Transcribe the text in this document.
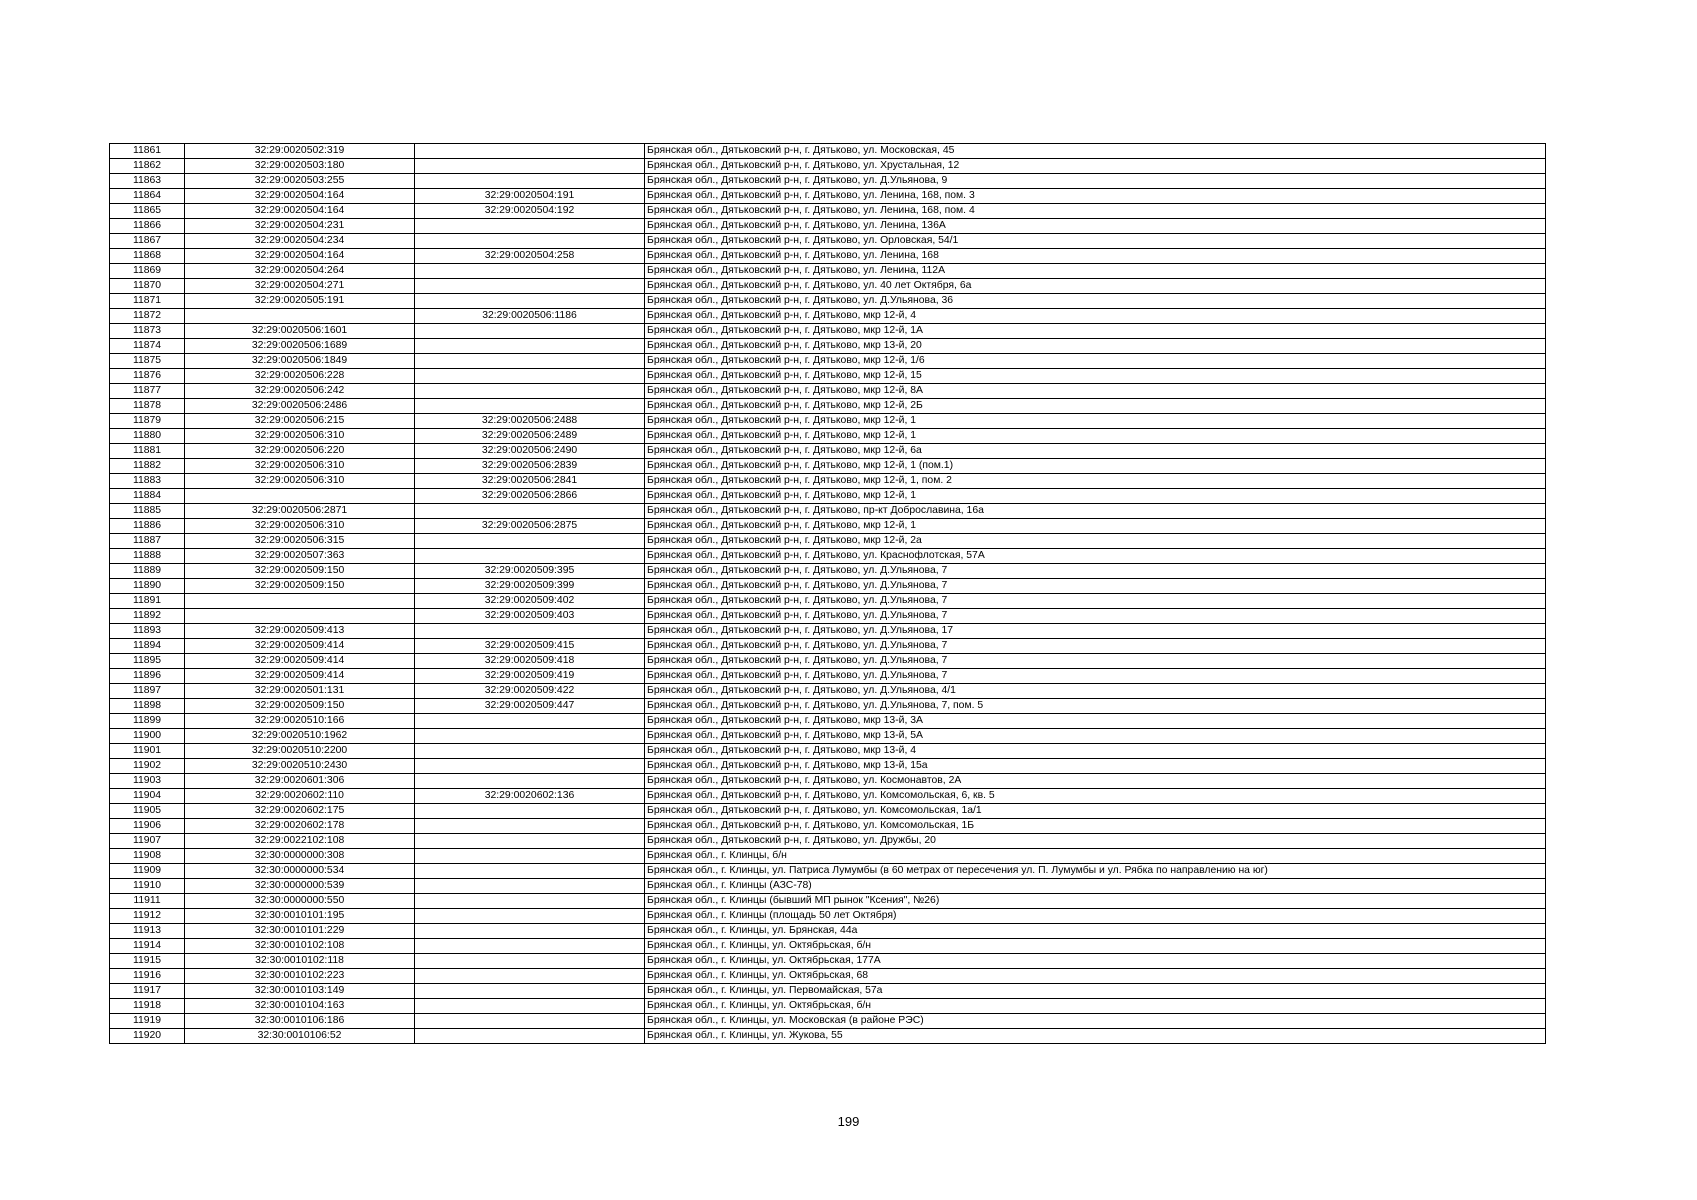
11861	32:29:0020502:319		Брянская обл., Дятьковский р-н, г. Дятьково, ул. Московская, 45
11862	32:29:0020503:180		Брянская обл., Дятьковский р-н, г. Дятьково, ул. Хрустальная, 12
11863	32:29:0020503:255		Брянская обл., Дятьковский р-н, г. Дятьково, ул. Д.Ульянова, 9
11864	32:29:0020504:164	32:29:0020504:191	Брянская обл., Дятьковский р-н, г. Дятьково, ул. Ленина, 168, пом. 3
11865	32:29:0020504:164	32:29:0020504:192	Брянская обл., Дятьковский р-н, г. Дятьково, ул. Ленина, 168, пом. 4
11866	32:29:0020504:231		Брянская обл., Дятьковский р-н, г. Дятьково, ул. Ленина, 136А
11867	32:29:0020504:234		Брянская обл., Дятьковский р-н, г. Дятьково, ул. Орловская, 54/1
11868	32:29:0020504:164	32:29:0020504:258	Брянская обл., Дятьковский р-н, г. Дятьково, ул. Ленина, 168
11869	32:29:0020504:264		Брянская обл., Дятьковский р-н, г. Дятьково, ул. Ленина, 112А
11870	32:29:0020504:271		Брянская обл., Дятьковский р-н, г. Дятьково, ул. 40 лет Октября, 6а
11871	32:29:0020505:191		Брянская обл., Дятьковский р-н, г. Дятьково, ул. Д.Ульянова, 36
11872		32:29:0020506:1186	Брянская обл., Дятьковский р-н, г. Дятьково, мкр 12-й, 4
11873	32:29:0020506:1601		Брянская обл., Дятьковский р-н, г. Дятьково, мкр 12-й, 1А
11874	32:29:0020506:1689		Брянская обл., Дятьковский р-н, г. Дятьково, мкр 13-й, 20
11875	32:29:0020506:1849		Брянская обл., Дятьковский р-н, г. Дятьково, мкр 12-й, 1/6
11876	32:29:0020506:228		Брянская обл., Дятьковский р-н, г. Дятьково, мкр 12-й, 15
11877	32:29:0020506:242		Брянская обл., Дятьковский р-н, г. Дятьково, мкр 12-й, 8А
11878	32:29:0020506:2486		Брянская обл., Дятьковский р-н, г. Дятьково, мкр 12-й, 2Б
11879	32:29:0020506:215	32:29:0020506:2488	Брянская обл., Дятьковский р-н, г. Дятьково, мкр 12-й, 1
11880	32:29:0020506:310	32:29:0020506:2489	Брянская обл., Дятьковский р-н, г. Дятьково, мкр 12-й, 1
11881	32:29:0020506:220	32:29:0020506:2490	Брянская обл., Дятьковский р-н, г. Дятьково, мкр 12-й, 6а
11882	32:29:0020506:310	32:29:0020506:2839	Брянская обл., Дятьковский р-н, г. Дятьково, мкр 12-й, 1 (пом.1)
11883	32:29:0020506:310	32:29:0020506:2841	Брянская обл., Дятьковский р-н, г. Дятьково, мкр 12-й, 1, пом. 2
11884		32:29:0020506:2866	Брянская обл., Дятьковский р-н, г. Дятьково, мкр 12-й, 1
11885	32:29:0020506:2871		Брянская обл., Дятьковский р-н, г. Дятьково, пр-кт Доброславина, 16а
11886	32:29:0020506:310	32:29:0020506:2875	Брянская обл., Дятьковский р-н, г. Дятьково, мкр 12-й, 1
11887	32:29:0020506:315		Брянская обл., Дятьковский р-н, г. Дятьково, мкр 12-й, 2а
11888	32:29:0020507:363		Брянская обл., Дятьковский р-н, г. Дятьково, ул. Краснофлотская, 57А
11889	32:29:0020509:150	32:29:0020509:395	Брянская обл., Дятьковский р-н, г. Дятьково, ул. Д.Ульянова, 7
11890	32:29:0020509:150	32:29:0020509:399	Брянская обл., Дятьковский р-н, г. Дятьково, ул. Д.Ульянова, 7
11891		32:29:0020509:402	Брянская обл., Дятьковский р-н, г. Дятьково, ул. Д.Ульянова, 7
11892		32:29:0020509:403	Брянская обл., Дятьковский р-н, г. Дятьково, ул. Д.Ульянова, 7
11893	32:29:0020509:413		Брянская обл., Дятьковский р-н, г. Дятьково, ул. Д.Ульянова, 17
11894	32:29:0020509:414	32:29:0020509:415	Брянская обл., Дятьковский р-н, г. Дятьково, ул. Д.Ульянова, 7
11895	32:29:0020509:414	32:29:0020509:418	Брянская обл., Дятьковский р-н, г. Дятьково, ул. Д.Ульянова, 7
11896	32:29:0020509:414	32:29:0020509:419	Брянская обл., Дятьковский р-н, г. Дятьково, ул. Д.Ульянова, 7
11897	32:29:0020501:131	32:29:0020509:422	Брянская обл., Дятьковский р-н, г. Дятьково, ул. Д.Ульянова, 4/1
11898	32:29:0020509:150	32:29:0020509:447	Брянская обл., Дятьковский р-н, г. Дятьково, ул. Д.Ульянова, 7, пом. 5
11899	32:29:0020510:166		Брянская обл., Дятьковский р-н, г. Дятьково, мкр 13-й, 3А
11900	32:29:0020510:1962		Брянская обл., Дятьковский р-н, г. Дятьково, мкр 13-й, 5А
11901	32:29:0020510:2200		Брянская обл., Дятьковский р-н, г. Дятьково, мкр 13-й, 4
11902	32:29:0020510:2430		Брянская обл., Дятьковский р-н, г. Дятьково, мкр 13-й, 15а
11903	32:29:0020601:306		Брянская обл., Дятьковский р-н, г. Дятьково, ул. Космонавтов, 2А
11904	32:29:0020602:110	32:29:0020602:136	Брянская обл., Дятьковский р-н, г. Дятьково, ул. Комсомольская, 6, кв. 5
11905	32:29:0020602:175		Брянская обл., Дятьковский р-н, г. Дятьково, ул. Комсомольская, 1а/1
11906	32:29:0020602:178		Брянская обл., Дятьковский р-н, г. Дятьково, ул. Комсомольская, 1Б
11907	32:29:0022102:108		Брянская обл., Дятьковский р-н, г. Дятьково, ул. Дружбы, 20
11908	32:30:0000000:308		Брянская обл., г. Клинцы, б/н
11909	32:30:0000000:534		Брянская обл., г. Клинцы, ул. Патриса Лумумбы (в 60 метрах от пересечения ул. П. Лумумбы и ул. Рябка по направлению на юг)
11910	32:30:0000000:539		Брянская обл., г. Клинцы (АЗС-78)
11911	32:30:0000000:550		Брянская обл., г. Клинцы (бывший МП рынок "Ксения", №26)
11912	32:30:0010101:195		Брянская обл., г. Клинцы (площадь 50 лет Октября)
11913	32:30:0010101:229		Брянская обл., г. Клинцы, ул. Брянская, 44а
11914	32:30:0010102:108		Брянская обл., г. Клинцы, ул. Октябрьская, б/н
11915	32:30:0010102:118		Брянская обл., г. Клинцы, ул. Октябрьская, 177А
11916	32:30:0010102:223		Брянская обл., г. Клинцы, ул. Октябрьская, 68
11917	32:30:0010103:149		Брянская обл., г. Клинцы, ул. Первомайская, 57а
11918	32:30:0010104:163		Брянская обл., г. Клинцы, ул. Октябрьская, б/н
11919	32:30:0010106:186		Брянская обл., г. Клинцы, ул. Московская (в районе РЭС)
11920	32:30:0010106:52		Брянская обл., г. Клинцы, ул. Жукова, 55
199
